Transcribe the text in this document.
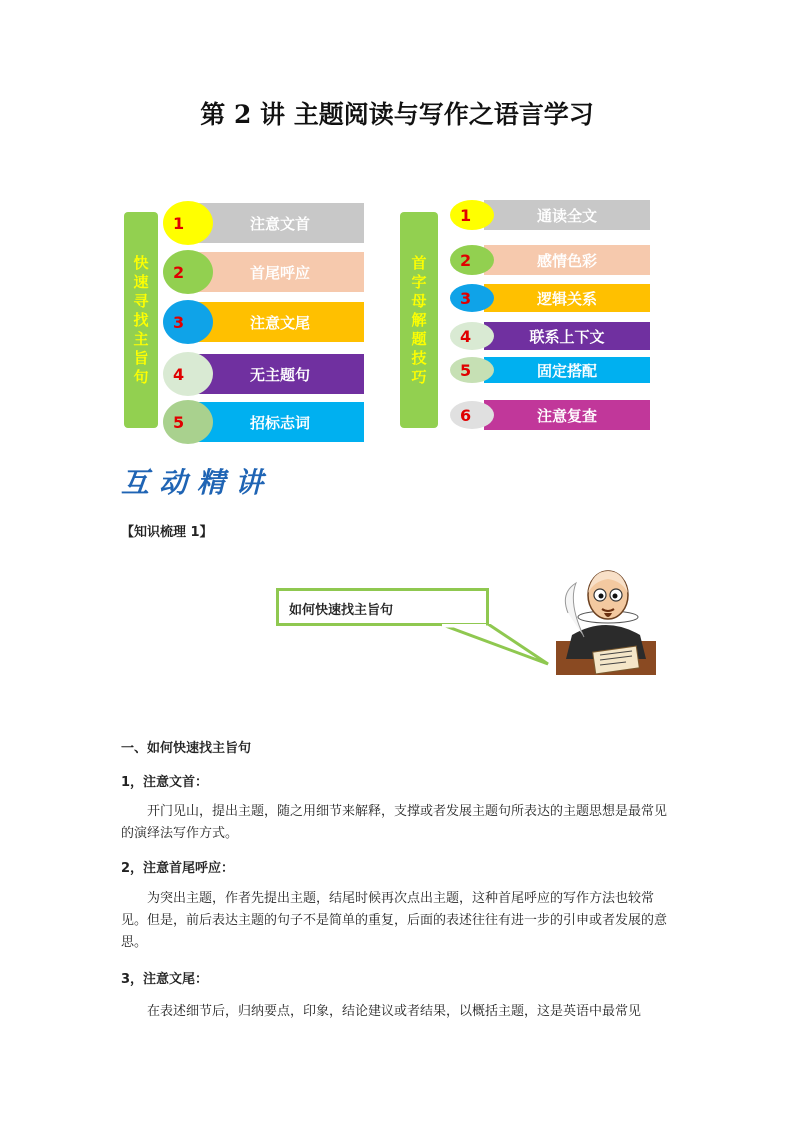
第 2 讲 主题阅读与写作之语言学习
快速寻找主旨句
注意文首
1
首尾呼应
2
注意文尾
3
无主题句
4
招标志词
5
首字母解题技巧
通读全文
1
感情色彩
2
逻辑关系
3
联系上下文
4
固定搭配
5
注意复查
6
互动精讲
【知识梳理 1】
如何快速找主旨句
一、如何快速找主旨句
1，注意文首：
开门见山，提出主题，随之用细节来解释，支撑或者发展主题句所表达的主题思想是最常见的演绎法写作方式。
2，注意首尾呼应：
为突出主题，作者先提出主题，结尾时候再次点出主题，这种首尾呼应的写作方法也较常见。但是，前后表达主题的句子不是简单的重复，后面的表述往往有进一步的引申或者发展的意思。
3，注意文尾：
在表述细节后，归纳要点，印象，结论建议或者结果，以概括主题，这是英语中最常见
